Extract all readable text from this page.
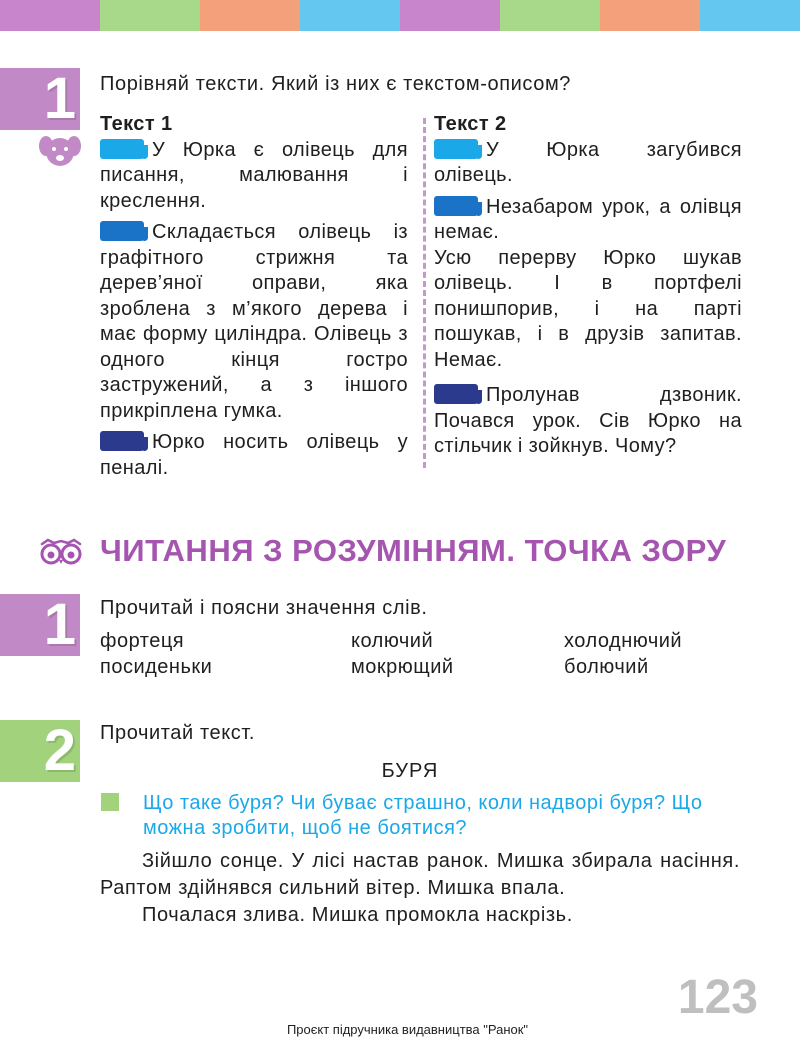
1 Порівняй тексти. Який із них є текстом-описом?

Текст 1

У Юрка є олівець для писання, малювання і креслення.

Складається олівець із графітного стрижня та дерев’яної оправи, яка зроблена з м’якого дерева і має форму циліндра. Олівець з одного кінця гостро застружений, а з іншого прикріплена гумка.

Юрко носить олівець у пеналі.

Текст 2

У Юрка загубився олівець.

Незабаром урок, а олівця немає.

Усю перерву Юрко шукав олівець. І в портфелі понишпорив, і на парті пошукав, і в друзів запитав. Немає.

Пролунав дзвоник. Почався урок. Сів Юрко на стільчик і зойкнув. Чому?

ЧИТАННЯ З РОЗУМІННЯМ. ТОЧКА ЗОРУ
1 Прочитай і поясни значення слів.
фортеця
посиденьки
колючий
мокрющий
холоднючий
болючий
2 Прочитай текст.
БУРЯ
Що таке буря? Чи буває страшно, коли надворі буря? Що можна зробити, щоб не боятися?

Зійшло сонце. У лісі настав ранок. Мишка збирала насіння. Раптом здійнявся сильний вітер. Мишка впала.

Почалася злива. Мишка промокла наскрізь.

123
Проєкт підручника видавництва "Ранок"
